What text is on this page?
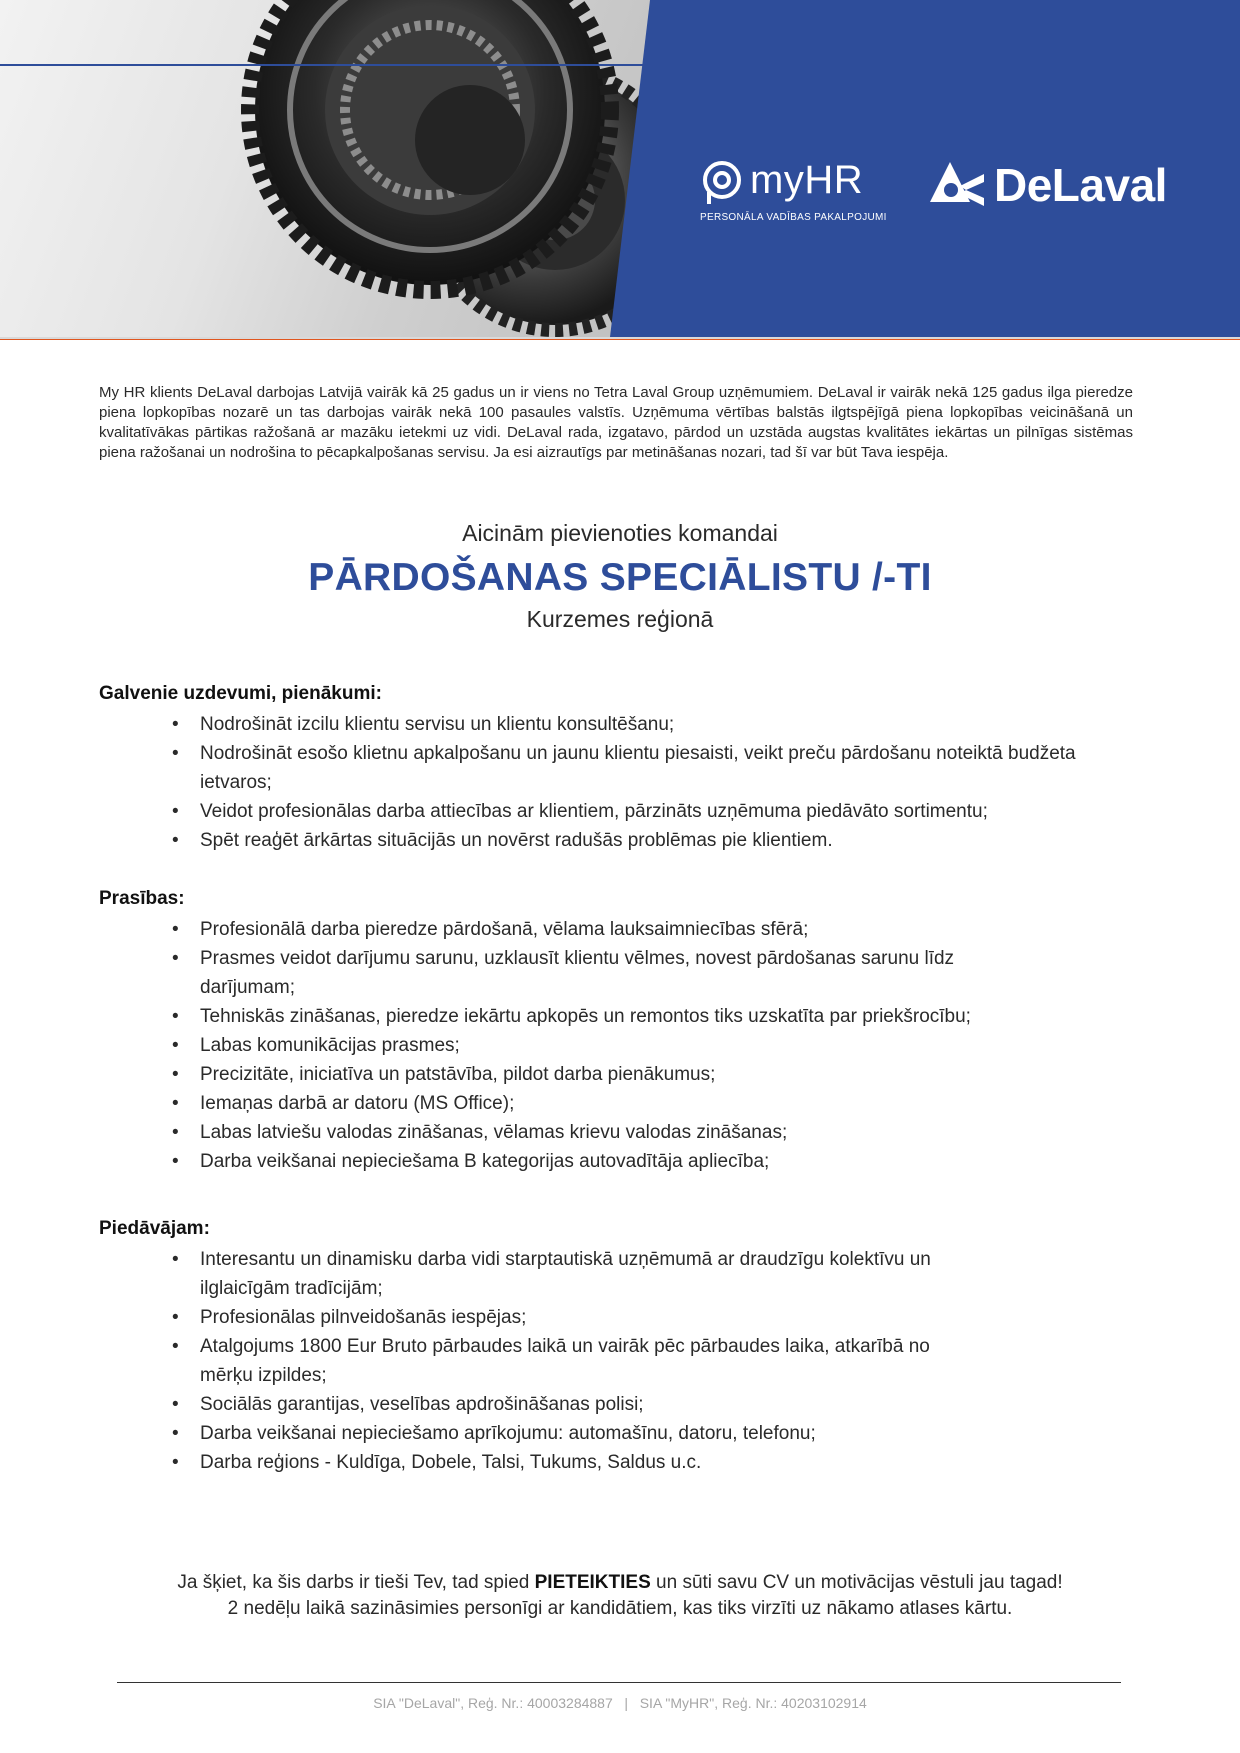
myHR
PERSONĀLA VADĪBAS PAKALPOJUMI
DeLaval

My HR klients DeLaval darbojas Latvijā vairāk kā 25 gadus un ir viens no Tetra Laval Group uzņēmumiem. DeLaval ir vairāk nekā 125 gadus ilga pieredze piena lopkopības nozarē un tas darbojas vairāk nekā 100 pasaules valstīs. Uzņēmuma vērtības balstās ilgtspējīgā piena lopkopības veicināšanā un kvalitatīvākas pārtikas ražošanā ar mazāku ietekmi uz vidi. DeLaval rada, izgatavo, pārdod un uzstāda augstas kvalitātes iekārtas un pilnīgas sistēmas piena ražošanai un nodrošina to pēcapkalpošanas servisu. Ja esi aizrautīgs par metināšanas nozari, tad šī var būt Tava iespēja.

Aicinām pievienoties komandai
PĀRDOŠANAS SPECIĀLISTU /-TI
Kurzemes reģionā
Galvenie uzdevumi, pienākumi:
• Nodrošināt izcilu klientu servisu un klientu konsultēšanu;
• Nodrošināt esošo klietnu apkalpošanu un jaunu klientu piesaisti, veikt preču pārdošanu noteiktā budžeta ietvaros;
• Veidot profesionālas darba attiecības ar klientiem, pārzināts uzņēmuma piedāvāto sortimentu;
• Spēt reaģēt ārkārtas situācijās un novērst radušās problēmas pie klientiem.
Prasības:
• Profesionālā darba pieredze pārdošanā, vēlama lauksaimniecības sfērā;
• Prasmes veidot darījumu sarunu, uzklausīt klientu vēlmes, novest pārdošanas sarunu līdz darījumam;
• Tehniskās zināšanas, pieredze iekārtu apkopēs un remontos tiks uzskatīta par priekšrocību;
• Labas komunikācijas prasmes;
• Precizitāte, iniciatīva un patstāvība, pildot darba pienākumus;
• Iemaņas darbā ar datoru (MS Office);
• Labas latviešu valodas zināšanas, vēlamas krievu valodas zināšanas;
• Darba veikšanai nepieciešama B kategorijas autovadītāja apliecība;
Piedāvājam:
• Interesantu un dinamisku darba vidi starptautiskā uzņēmumā ar draudzīgu kolektīvu un ilglaicīgām tradīcijām;
• Profesionālas pilnveidošanās iespējas;
• Atalgojums 1800 Eur Bruto pārbaudes laikā un vairāk pēc pārbaudes laika, atkarībā no mērķu izpildes;
• Sociālās garantijas, veselības apdrošināšanas polisi;
• Darba veikšanai nepieciešamo aprīkojumu: automašīnu, datoru, telefonu;
• Darba reģions - Kuldīga, Dobele, Talsi, Tukums, Saldus u.c.
Ja šķiet, ka šis darbs ir tieši Tev, tad spied PIETEIKTIES un sūti savu CV un motivācijas vēstuli jau tagad!
2 nedēļu laikā sazināsimies personīgi ar kandidātiem, kas tiks virzīti uz nākamo atlases kārtu.
SIA "DeLaval", Reģ. Nr.: 40003284887   |   SIA "MyHR", Reģ. Nr.: 40203102914
